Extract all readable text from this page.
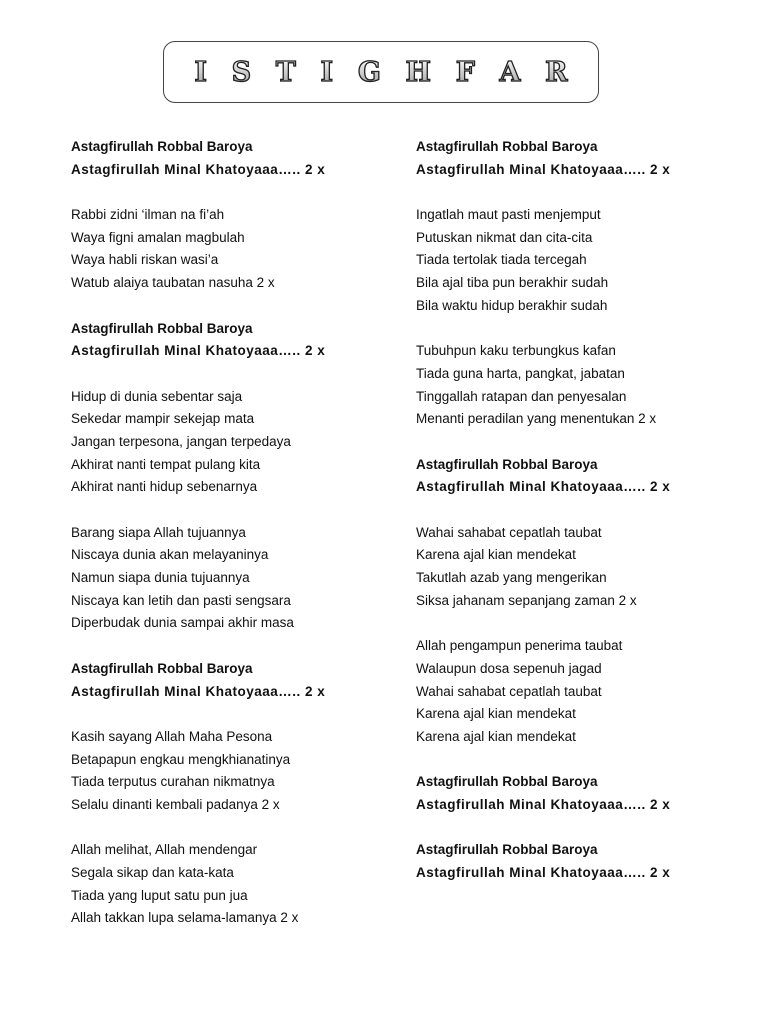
I S T I G H F A R
Astagfirullah Robbal Baroya
Astagfirullah Minal Khatoyaaa….. 2 x
Rabbi zidni ‘ilman na fi’ah
Waya figni amalan magbulah
Waya habli riskan wasi’a
Watub alaiya taubatan nasuha 2 x
Astagfirullah Robbal Baroya
Astagfirullah Minal Khatoyaaa….. 2 x
Hidup di dunia sebentar saja
Sekedar mampir sekejap mata
Jangan terpesona, jangan terpedaya
Akhirat nanti tempat pulang kita
Akhirat nanti hidup sebenarnya
Barang siapa Allah tujuannya
Niscaya dunia akan melayaninya
Namun siapa dunia tujuannya
Niscaya kan letih dan pasti sengsara
Diperbudak dunia sampai akhir masa
Astagfirullah Robbal Baroya
Astagfirullah Minal Khatoyaaa….. 2 x
Kasih sayang Allah Maha Pesona
Betapapun engkau mengkhianatinya
Tiada terputus curahan nikmatnya
Selalu dinanti kembali padanya 2 x
Allah melihat, Allah mendengar
Segala sikap dan kata-kata
Tiada yang luput satu pun jua
Allah takkan lupa selama-lamanya 2 x
Astagfirullah Robbal Baroya
Astagfirullah Minal Khatoyaaa….. 2 x
Ingatlah maut pasti menjemput
Putuskan nikmat dan cita-cita
Tiada tertolak tiada tercegah
Bila ajal tiba pun berakhir sudah
Bila waktu hidup berakhir sudah
Tubuhpun kaku terbungkus kafan
Tiada guna harta, pangkat, jabatan
Tinggallah ratapan dan penyesalan
Menanti peradilan yang menentukan 2 x
Astagfirullah Robbal Baroya
Astagfirullah Minal Khatoyaaa….. 2 x
Wahai sahabat cepatlah taubat
Karena ajal kian mendekat
Takutlah azab yang mengerikan
Siksa jahanam sepanjang zaman 2 x
Allah pengampun penerima taubat
Walaupun dosa sepenuh jagad
Wahai sahabat cepatlah taubat
Karena ajal kian mendekat
Karena ajal kian mendekat
Astagfirullah Robbal Baroya
Astagfirullah Minal Khatoyaaa….. 2 x
Astagfirullah Robbal Baroya
Astagfirullah Minal Khatoyaaa….. 2 x
